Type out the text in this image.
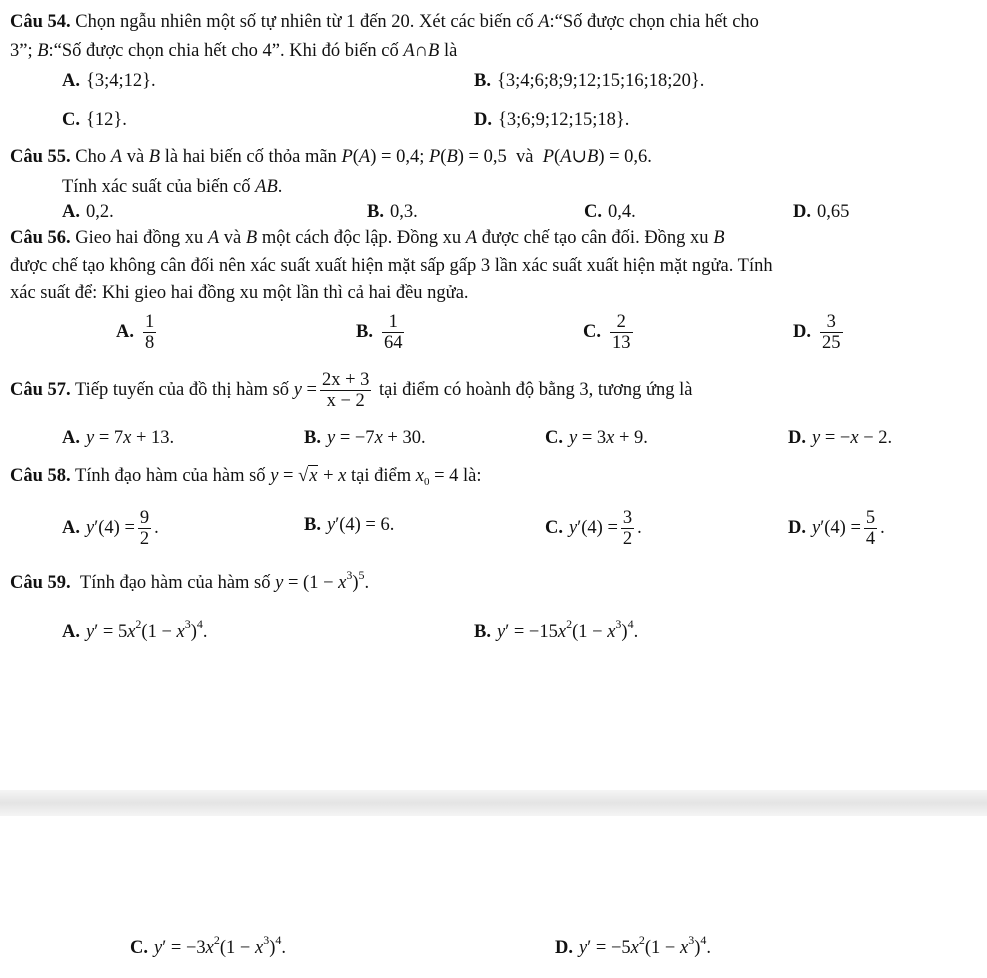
Câu 54. Chọn ngẫu nhiên một số tự nhiên từ 1 đến 20. Xét các biến cố A:“Số được chọn chia hết cho
3”; B:“Số được chọn chia hết cho 4”. Khi đó biến cố A∩B là
A. {3;4;12}.	B. {3;4;6;8;9;12;15;16;18;20}.
C. {12}.	D. {3;6;9;12;15;18}.
Câu 55. Cho A và B là hai biến cố thỏa mãn P(A) = 0,4; P(B) = 0,5  và  P(A∪B) = 0,6.
Tính xác suất của biến cố AB.
A. 0,2.	B. 0,3.	C. 0,4.	D. 0,65
Câu 56. Gieo hai đồng xu A và B một cách độc lập. Đồng xu A được chế tạo cân đối. Đồng xu B
được chế tạo không cân đối nên xác suất xuất hiện mặt sấp gấp 3 lần xác suất xuất hiện mặt ngửa. Tính
xác suất để: Khi gieo hai đồng xu một lần thì cả hai đều ngửa.
A. $\frac{1}{8}$	B. $\frac{1}{64}$	C. $\frac{2}{13}$	D. $\frac{3}{25}$
Câu 57. Tiếp tuyến của đồ thị hàm số $y = \frac{2x + 3}{x - 2}$ tại điểm có hoành độ bằng 3, tương ứng là
A. y = 7x + 13.	B. y = −7x + 30.	C. y = 3x + 9.	D. y = −x − 2.
Câu 58. Tính đạo hàm của hàm số y = √x + x tại điểm $x_0 = 4$ là:
A. $y'(4) = \frac{9}{2}$ .	B. y′(4) = 6.	C. $y'(4) = \frac{3}{2}$ .	D. $y'(4) = \frac{5}{4}$ .
Câu 59.  Tính đạo hàm của hàm số $y = (1 - x^3)^5$.
A. $y' = 5x^2(1 - x^3)^4$.	B. $y' = -15x^2(1 - x^3)^4$.
C. $y' = -3x^2(1 - x^3)^4$.	D. $y' = -5x^2(1 - x^3)^4$.
